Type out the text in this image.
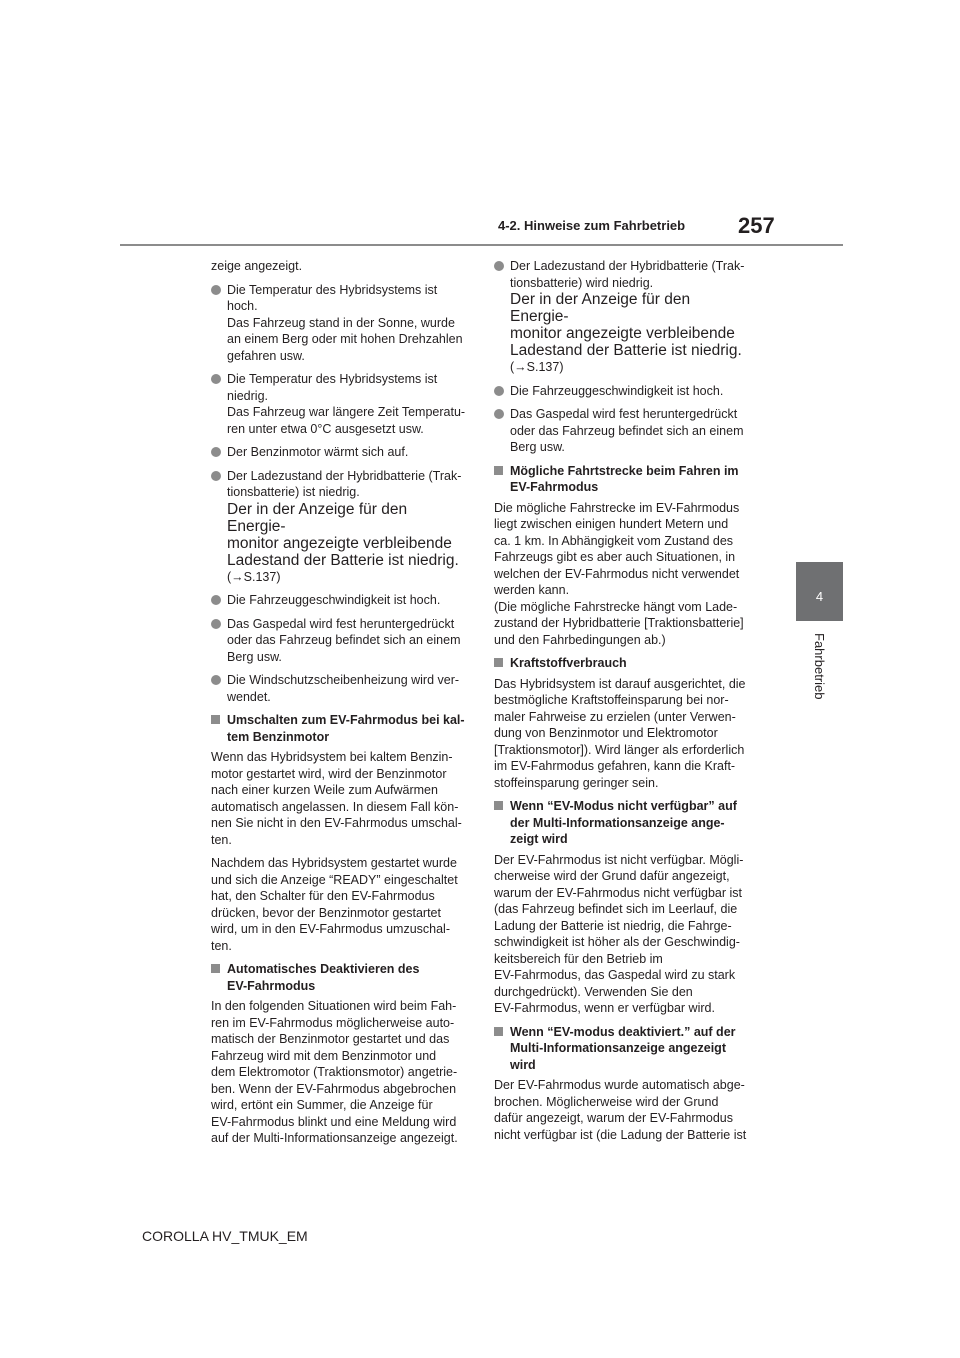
4-2. Hinweise zum Fahrbetrieb 257
4
Fahrbetrieb

zeige angezeigt.

Die Temperatur des Hybridsystems ist
hoch.
Das Fahrzeug stand in der Sonne, wurde
an einem Berg oder mit hohen Drehzahlen
gefahren usw.
Die Temperatur des Hybridsystems ist
niedrig.
Das Fahrzeug war längere Zeit Temperatu-
ren unter etwa 0°C ausgesetzt usw.
Der Benzinmotor wärmt sich auf.
Der Ladezustand der Hybridbatterie (Trak-
tionsbatterie) ist niedrig.
Der in der Anzeige für den Energie-
monitor angezeigte verbleibende
Ladestand der Batterie ist niedrig.
(→S.137)
Die Fahrzeuggeschwindigkeit ist hoch.
Das Gaspedal wird fest heruntergedrückt
oder das Fahrzeug befindet sich an einem
Berg usw.
Die Windschutzscheibenheizung wird ver-
wendet.
Umschalten zum EV-Fahrmodus bei kal-
tem Benzinmotor

Wenn das Hybridsystem bei kaltem Benzin-
motor gestartet wird, wird der Benzinmotor
nach einer kurzen Weile zum Aufwärmen
automatisch angelassen. In diesem Fall kön-
nen Sie nicht in den EV-Fahrmodus umschal-
ten.

Nachdem das Hybridsystem gestartet wurde
und sich die Anzeige “READY” eingeschaltet
hat, den Schalter für den EV-Fahrmodus
drücken, bevor der Benzinmotor gestartet
wird, um in den EV-Fahrmodus umzuschal-
ten.

Automatisches Deaktivieren des
EV-Fahrmodus

In den folgenden Situationen wird beim Fah-
ren im EV-Fahrmodus möglicherweise auto-
matisch der Benzinmotor gestartet und das
Fahrzeug wird mit dem Benzinmotor und
dem Elektromotor (Traktionsmotor) angetrie-
ben. Wenn der EV-Fahrmodus abgebrochen
wird, ertönt ein Summer, die Anzeige für
EV-Fahrmodus blinkt und eine Meldung wird
auf der Multi-Informationsanzeige angezeigt.

Der Ladezustand der Hybridbatterie (Trak-
tionsbatterie) wird niedrig.
Der in der Anzeige für den Energie-
monitor angezeigte verbleibende
Ladestand der Batterie ist niedrig.
(→S.137)
Die Fahrzeuggeschwindigkeit ist hoch.
Das Gaspedal wird fest heruntergedrückt
oder das Fahrzeug befindet sich an einem
Berg usw.
Mögliche Fahrtstrecke beim Fahren im
EV-Fahrmodus

Die mögliche Fahrstrecke im EV-Fahrmodus
liegt zwischen einigen hundert Metern und
ca. 1 km. In Abhängigkeit vom Zustand des
Fahrzeugs gibt es aber auch Situationen, in
welchen der EV-Fahrmodus nicht verwendet
werden kann.
(Die mögliche Fahrstrecke hängt vom Lade-
zustand der Hybridbatterie [Traktionsbatterie]
und den Fahrbedingungen ab.)

Kraftstoffverbrauch

Das Hybridsystem ist darauf ausgerichtet, die
bestmögliche Kraftstoffeinsparung bei nor-
maler Fahrweise zu erzielen (unter Verwen-
dung von Benzinmotor und Elektromotor
[Traktionsmotor]). Wird länger als erforderlich
im EV-Fahrmodus gefahren, kann die Kraft-
stoffeinsparung geringer sein.

Wenn “EV-Modus nicht verfügbar” auf
der Multi-Informationsanzeige ange-
zeigt wird

Der EV-Fahrmodus ist nicht verfügbar. Mögli-
cherweise wird der Grund dafür angezeigt,
warum der EV-Fahrmodus nicht verfügbar ist
(das Fahrzeug befindet sich im Leerlauf, die
Ladung der Batterie ist niedrig, die Fahrge-
schwindigkeit ist höher als der Geschwindig-
keitsbereich für den Betrieb im
EV-Fahrmodus, das Gaspedal wird zu stark
durchgedrückt). Verwenden Sie den
EV-Fahrmodus, wenn er verfügbar wird.

Wenn “EV-modus deaktiviert.” auf der
Multi-Informationsanzeige angezeigt
wird

Der EV-Fahrmodus wurde automatisch abge-
brochen. Möglicherweise wird der Grund
dafür angezeigt, warum der EV-Fahrmodus
nicht verfügbar ist (die Ladung der Batterie ist

COROLLA HV_TMUK_EM
